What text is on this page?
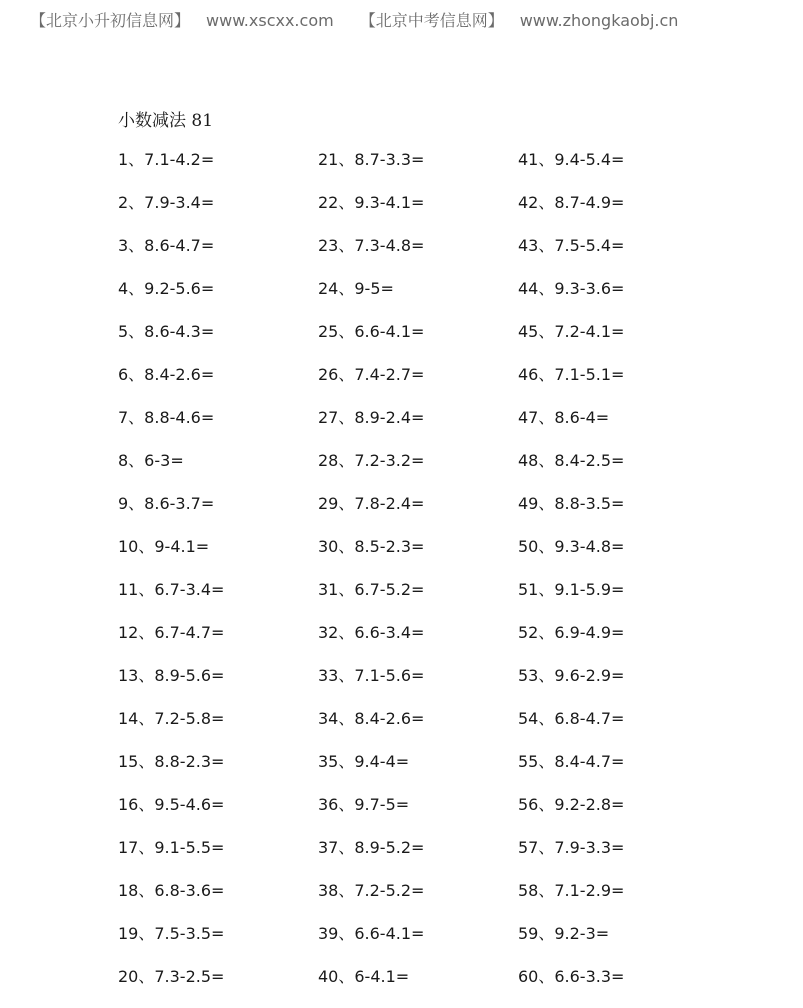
【北京小升初信息网】 www.xscxx.com 【北京中考信息网】 www.zhongkaobj.cn
小数减法 81
1、7.1-4.2=
2、7.9-3.4=
3、8.6-4.7=
4、9.2-5.6=
5、8.6-4.3=
6、8.4-2.6=
7、8.8-4.6=
8、6-3=
9、8.6-3.7=
10、9-4.1=
11、6.7-3.4=
12、6.7-4.7=
13、8.9-5.6=
14、7.2-5.8=
15、8.8-2.3=
16、9.5-4.6=
17、9.1-5.5=
18、6.8-3.6=
19、7.5-3.5=
20、7.3-2.5=
21、8.7-3.3=
22、9.3-4.1=
23、7.3-4.8=
24、9-5=
25、6.6-4.1=
26、7.4-2.7=
27、8.9-2.4=
28、7.2-3.2=
29、7.8-2.4=
30、8.5-2.3=
31、6.7-5.2=
32、6.6-3.4=
33、7.1-5.6=
34、8.4-2.6=
35、9.4-4=
36、9.7-5=
37、8.9-5.2=
38、7.2-5.2=
39、6.6-4.1=
40、6-4.1=
41、9.4-5.4=
42、8.7-4.9=
43、7.5-5.4=
44、9.3-3.6=
45、7.2-4.1=
46、7.1-5.1=
47、8.6-4=
48、8.4-2.5=
49、8.8-3.5=
50、9.3-4.8=
51、9.1-5.9=
52、6.9-4.9=
53、9.6-2.9=
54、6.8-4.7=
55、8.4-4.7=
56、9.2-2.8=
57、7.9-3.3=
58、7.1-2.9=
59、9.2-3=
60、6.6-3.3=
